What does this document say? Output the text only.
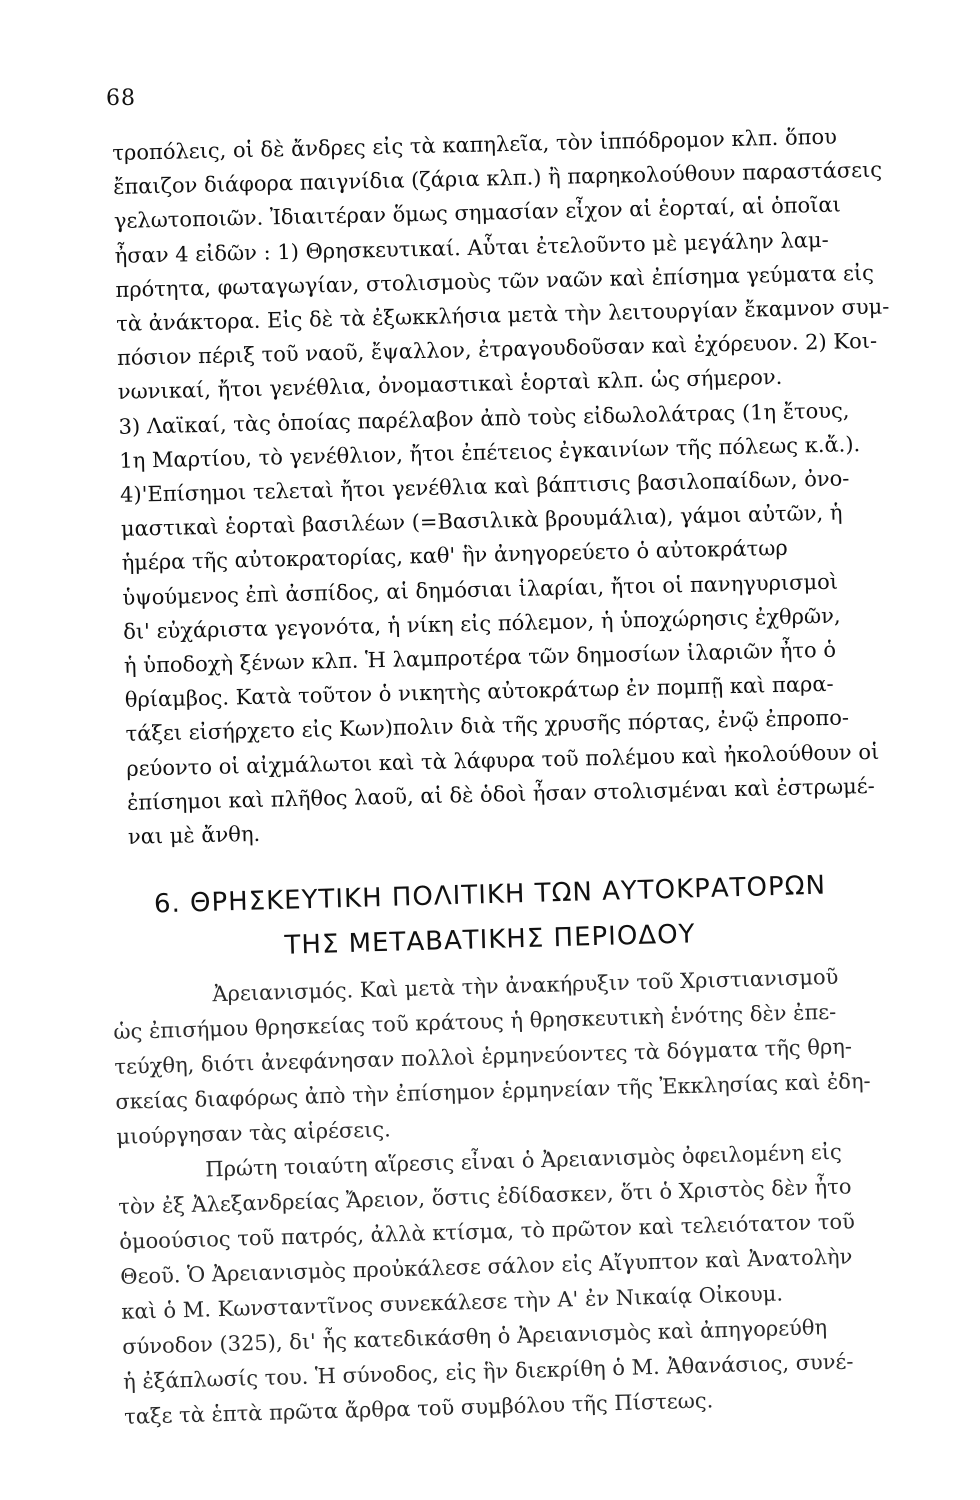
68
τροπόλεις, οἱ δὲ ἄνδρες εἰς τὰ καπηλεῖα, τὸν ἱππόδρομον κλπ. ὅπου
ἔπαιζον διάφορα παιγνίδια (ζάρια κλπ.) ἢ παρηκολούθουν παραστάσεις
γελωτοποιῶν. Ἰδιαιτέραν ὅμως σημασίαν εἶχον αἱ ἑορταί, αἱ ὁποῖαι
ἦσαν 4 εἰδῶν : 1) Θρησκευτικαί. Αὗται ἐτελοῦντο μὲ μεγάλην λαμ-
πρότητα, φωταγωγίαν, στολισμοὺς τῶν ναῶν καὶ ἐπίσημα γεύματα εἰς
τὰ ἀνάκτορα. Εἰς δὲ τὰ ἐξωκκλήσια μετὰ τὴν λειτουργίαν ἔκαμνον συμ-
πόσιον πέριξ τοῦ ναοῦ, ἔψαλλον, ἐτραγουδοῦσαν καὶ ἐχόρευον. 2) Κοι-
νωνικαί, ἤτοι γενέθλια, ὀνομαστικαὶ ἑορταὶ κλπ. ὡς σήμερον.
3) Λαϊκαί, τὰς ὁποίας παρέλαβον ἀπὸ τοὺς εἰδωλολάτρας (1η ἔτους,
1η Μαρτίου, τὸ γενέθλιον, ἤτοι ἐπέτειος ἐγκαινίων τῆς πόλεως κ.ἄ.).
4)'Επίσημοι τελεταὶ ἤτοι γενέθλια καὶ βάπτισις βασιλοπαίδων, ὀνο-
μαστικαὶ ἑορταὶ βασιλέων (=Βασιλικὰ βρουμάλια), γάμοι αὐτῶν, ἡ
ἡμέρα τῆς αὐτοκρατορίας, καθ' ἣν ἀνηγορεύετο ὁ αὐτοκράτωρ
ὑψούμενος ἐπὶ ἀσπίδος, αἱ δημόσιαι ἱλαρίαι, ἤτοι οἱ πανηγυρισμοὶ
δι' εὐχάριστα γεγονότα, ἡ νίκη εἰς πόλεμον, ἡ ὑποχώρησις ἐχθρῶν,
ἡ ὑποδοχὴ ξένων κλπ. Ἡ λαμπροτέρα τῶν δημοσίων ἱλαριῶν ἦτο ὁ
θρίαμβος. Κατὰ τοῦτον ὁ νικητὴς αὐτοκράτωρ ἐν πομπῇ καὶ παρα-
τάξει εἰσήρχετο εἰς Κων)πολιν διὰ τῆς χρυσῆς πόρτας, ἐνῷ ἐπροπο-
ρεύοντο οἱ αἰχμάλωτοι καὶ τὰ λάφυρα τοῦ πολέμου καὶ ἠκολούθουν οἱ
ἐπίσημοι καὶ πλῆθος λαοῦ, αἱ δὲ ὁδοὶ ἦσαν στολισμέναι καὶ ἐστρωμέ-
ναι μὲ ἄνθη.
6. ΘΡΗΣΚΕΥΤΙΚΗ ΠΟΛΙΤΙΚΗ ΤΩΝ ΑΥΤΟΚΡΑΤΟΡΩΝ
ΤΗΣ ΜΕΤΑΒΑΤΙΚΗΣ ΠΕΡΙΟΔΟΥ
Ἀρειανισμός. Καὶ μετὰ τὴν ἀνακήρυξιν τοῦ Χριστιανισμοῦ
ὡς ἐπισήμου θρησκείας τοῦ κράτους ἡ θρησκευτικὴ ἑνότης δὲν ἐπε-
τεύχθη, διότι ἀνεφάνησαν πολλοὶ ἑρμηνεύοντες τὰ δόγματα τῆς θρη-
σκείας διαφόρως ἀπὸ τὴν ἐπίσημον ἑρμηνείαν τῆς Ἐκκλησίας καὶ ἐδη-
μιούργησαν τὰς αἱρέσεις.
Πρώτη τοιαύτη αἵρεσις εἶναι ὁ Ἀρειανισμὸς ὀφειλομένη εἰς
τὸν ἐξ Ἀλεξανδρείας Ἄρειον, ὅστις ἐδίδασκεν, ὅτι ὁ Χριστὸς δὲν ἦτο
ὁμοούσιος τοῦ πατρός, ἀλλὰ κτίσμα, τὸ πρῶτον καὶ τελειότατον τοῦ
Θεοῦ. Ὁ Ἀρειανισμὸς προὐκάλεσε σάλον εἰς Αἴγυπτον καὶ Ἀνατολὴν
καὶ ὁ Μ. Κωνσταντῖνος συνεκάλεσε τὴν Α' ἐν Νικαίᾳ Οἰκουμ.
σύνοδον (325), δι' ἧς κατεδικάσθη ὁ Ἀρειανισμὸς καὶ ἀπηγορεύθη
ἡ ἐξάπλωσίς του. Ἡ σύνοδος, εἰς ἣν διεκρίθη ὁ Μ. Ἀθανάσιος, συνέ-
ταξε τὰ ἑπτὰ πρῶτα ἄρθρα τοῦ συμβόλου τῆς Πίστεως.
